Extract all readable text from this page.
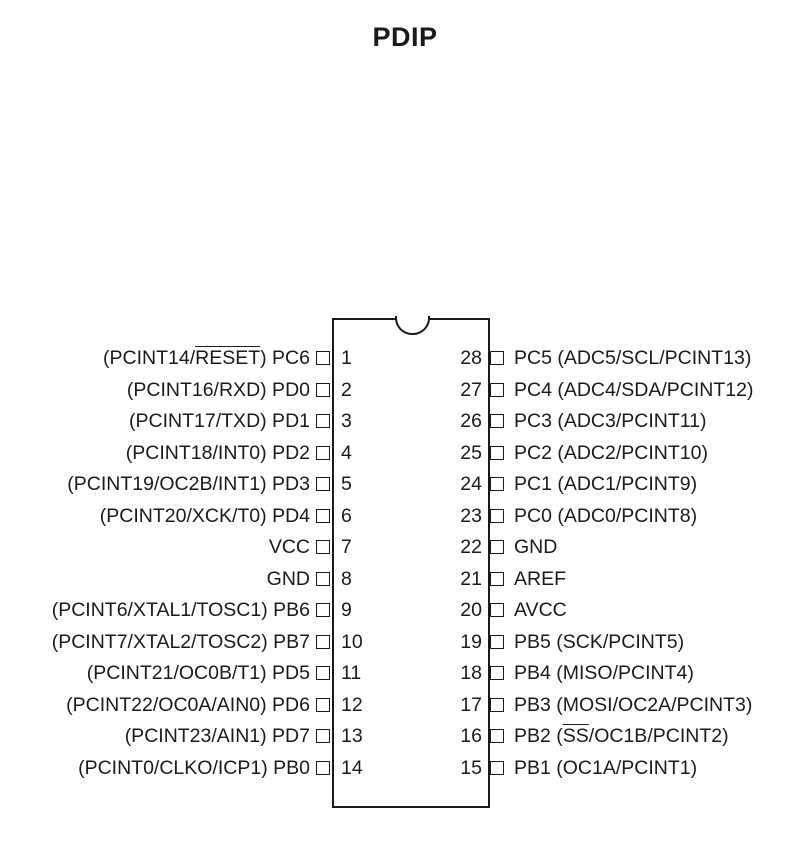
PDIP
1
(PCINT14/RESET) PC6
2
(PCINT16/RXD) PD0
3
(PCINT17/TXD) PD1
4
(PCINT18/INT0) PD2
5
(PCINT19/OC2B/INT1) PD3
6
(PCINT20/XCK/T0) PD4
7
VCC
8
GND
9
(PCINT6/XTAL1/TOSC1) PB6
10
(PCINT7/XTAL2/TOSC2) PB7
11
(PCINT21/OC0B/T1) PD5
12
(PCINT22/OC0A/AIN0) PD6
13
(PCINT23/AIN1) PD7
14
(PCINT0/CLKO/ICP1) PB0
28 PC5 (ADC5/SCL/PCINT13)
27 PC4 (ADC4/SDA/PCINT12)
26 PC3 (ADC3/PCINT11)
25 PC2 (ADC2/PCINT10)
24 PC1 (ADC1/PCINT9)
23 PC0 (ADC0/PCINT8)
22 GND
21 AREF
20 AVCC
19 PB5 (SCK/PCINT5)
18 PB4 (MISO/PCINT4)
17 PB3 (MOSI/OC2A/PCINT3)
16 PB2 $(\overline{SS}/OC1B/PCINT2)$
15 PB1 (OC1A/PCINT1)
